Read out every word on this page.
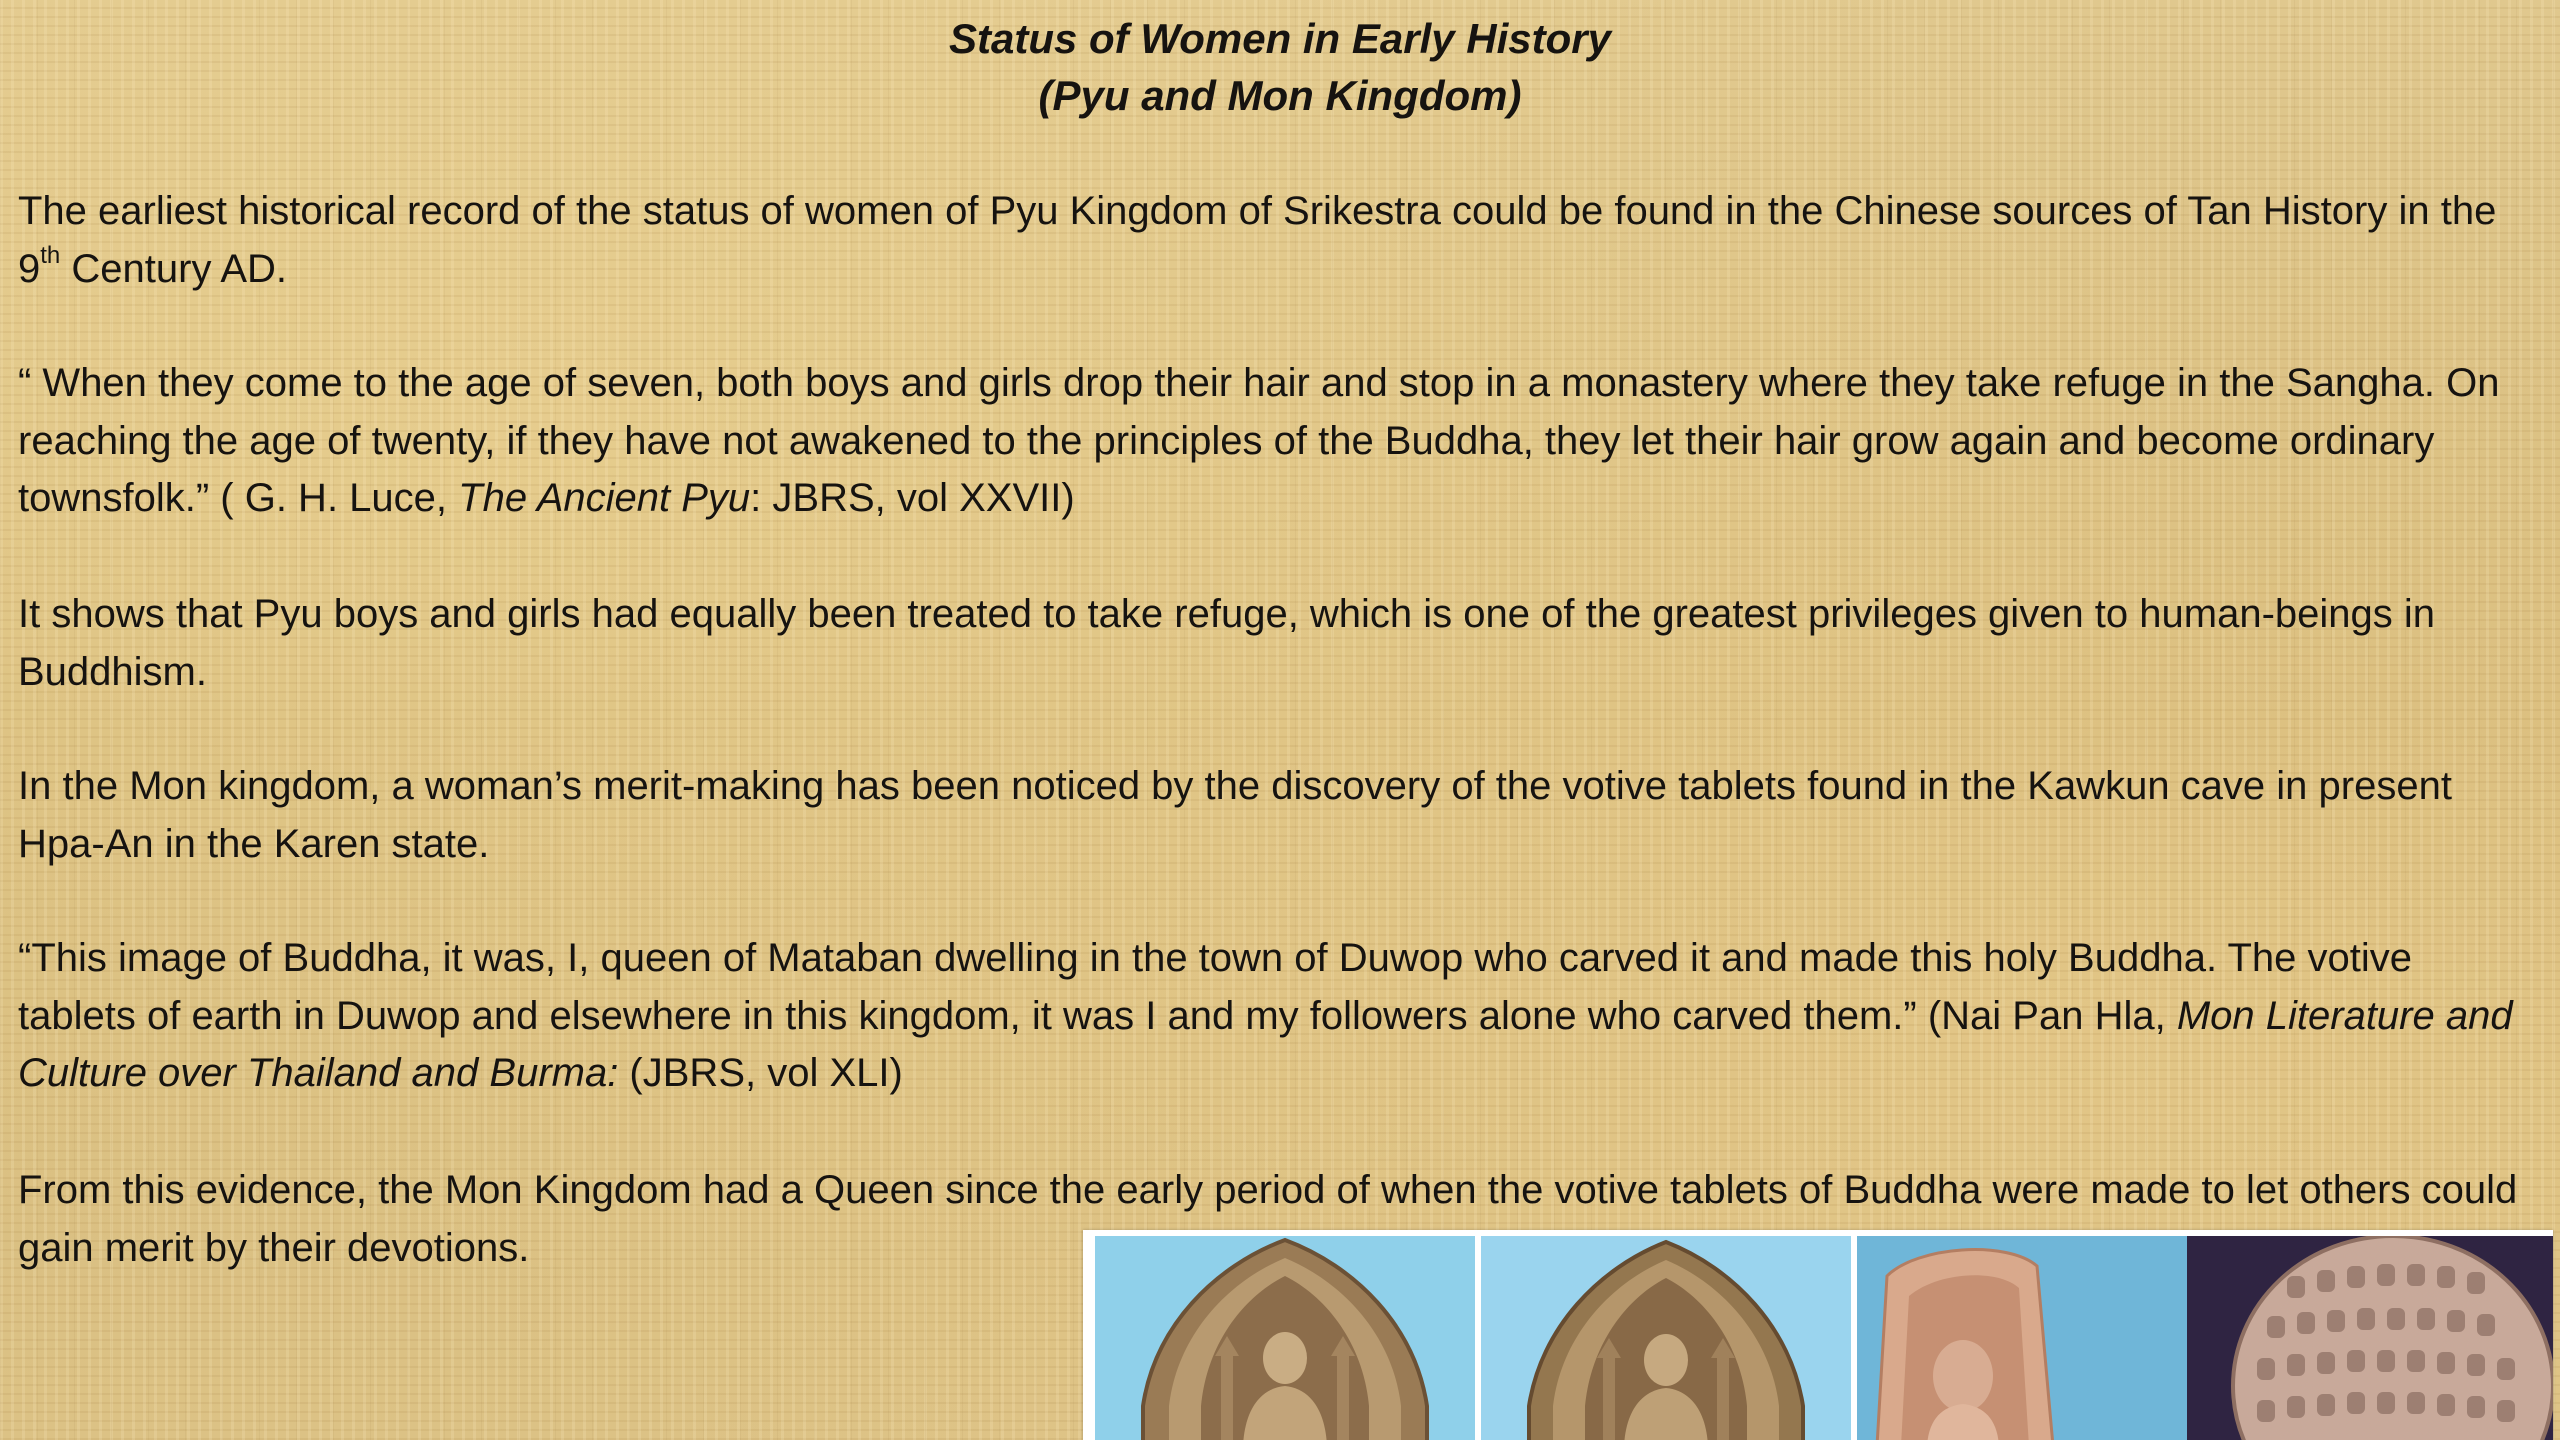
Status of Women in Early History
(Pyu and Mon Kingdom)

The earliest historical record of the status of women of Pyu Kingdom of Srikestra could be found in the Chinese sources of Tan History in the 9th Century AD.

“ When they come to the age of seven, both boys and girls drop their hair and stop in a monastery where they take refuge in the Sangha. On reaching the age of twenty, if they have not awakened to the principles of the Buddha, they let their hair grow again and become ordinary townsfolk.” ( G. H. Luce, The Ancient Pyu: JBRS, vol XXVII)

It shows that Pyu boys and girls had equally been treated to take refuge, which is one of the greatest privileges given to human-beings in Buddhism.

In the Mon kingdom, a woman’s merit-making has been noticed by the discovery of the votive tablets found in the Kawkun cave in present Hpa-An in the Karen state.

“This image of Buddha, it was, I, queen of Mataban dwelling in the town of Duwop who carved it and made this holy Buddha. The votive tablets of earth in Duwop and elsewhere in this kingdom, it was I and my followers alone who carved them.” (Nai Pan Hla, Mon Literature and Culture over Thailand and Burma: (JBRS, vol XLI)

From this evidence, the Mon Kingdom had a Queen since the early period of when the votive tablets of Buddha were made to let others could gain merit by their devotions.
